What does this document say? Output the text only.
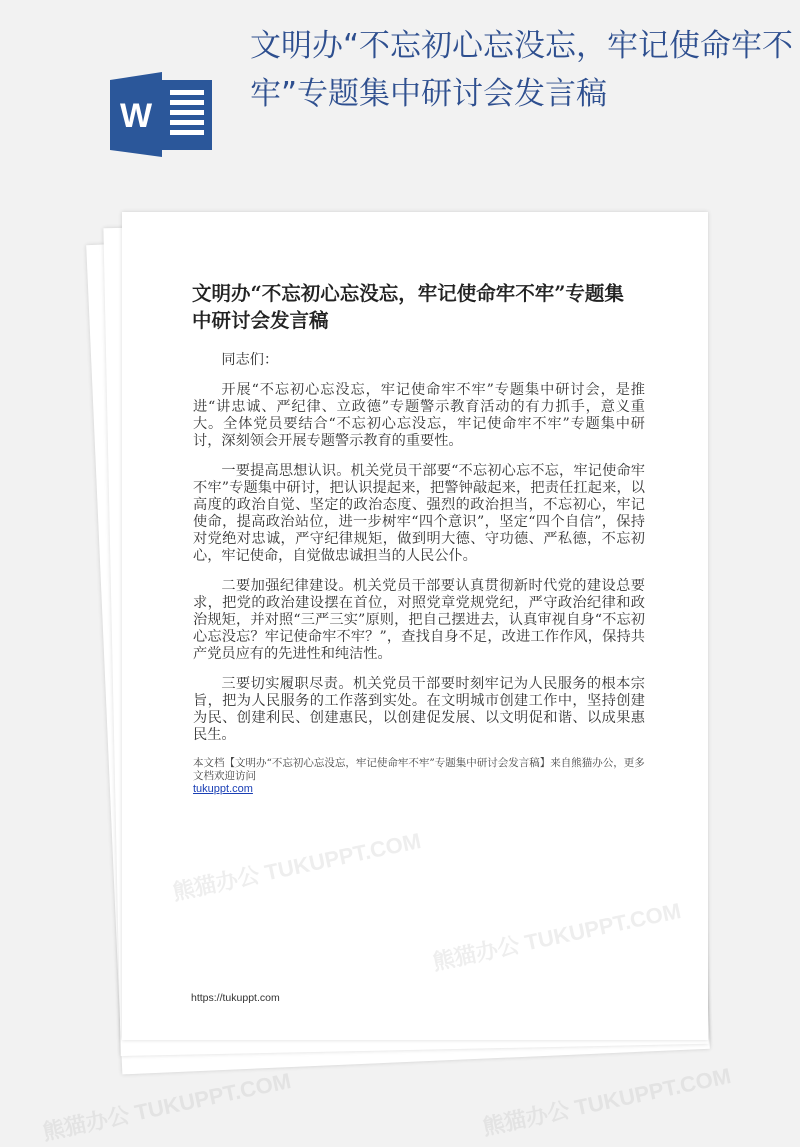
W
文明办“不忘初心忘没忘，牢记使命牢不牢”专题集中研讨会发言稿
文明办“不忘初心忘没忘，牢记使命牢不牢”专题集中研讨会发言稿

同志们：

开展“不忘初心忘没忘，牢记使命牢不牢”专题集中研讨会，是推进“讲忠诚、严纪律、立政德”专题警示教育活动的有力抓手，意义重大。全体党员要结合“不忘初心忘没忘，牢记使命牢不牢”专题集中研讨，深刻领会开展专题警示教育的重要性。

一要提高思想认识。机关党员干部要“不忘初心忘不忘，牢记使命牢不牢”专题集中研讨，把认识提起来，把警钟敲起来，把责任扛起来，以高度的政治自觉、坚定的政治态度、强烈的政治担当，不忘初心，牢记使命，提高政治站位，进一步树牢“四个意识”，坚定“四个自信”，保持对党绝对忠诚，严守纪律规矩，做到明大德、守功德、严私德，不忘初心，牢记使命，自觉做忠诚担当的人民公仆。

二要加强纪律建设。机关党员干部要认真贯彻新时代党的建设总要求，把党的政治建设摆在首位，对照党章党规党纪，严守政治纪律和政治规矩，并对照“三严三实”原则，把自己摆进去，认真审视自身“不忘初心忘没忘？牢记使命牢不牢？”，查找自身不足，改进工作作风，保持共产党员应有的先进性和纯洁性。

三要切实履职尽责。机关党员干部要时刻牢记为人民服务的根本宗旨，把为人民服务的工作落到实处。在文明城市创建工作中，坚持创建为民、创建利民、创建惠民，以创建促发展、以文明促和谐、以成果惠民生。

本文档【文明办“不忘初心忘没忘，牢记使命牢不牢”专题集中研讨会发言稿】来自熊猫办公，更多文档欢迎访问
tukuppt.com
https://tukuppt.com
熊猫办公 TUKUPPT.COM	熊猫办公 TUKUPPT.COM
